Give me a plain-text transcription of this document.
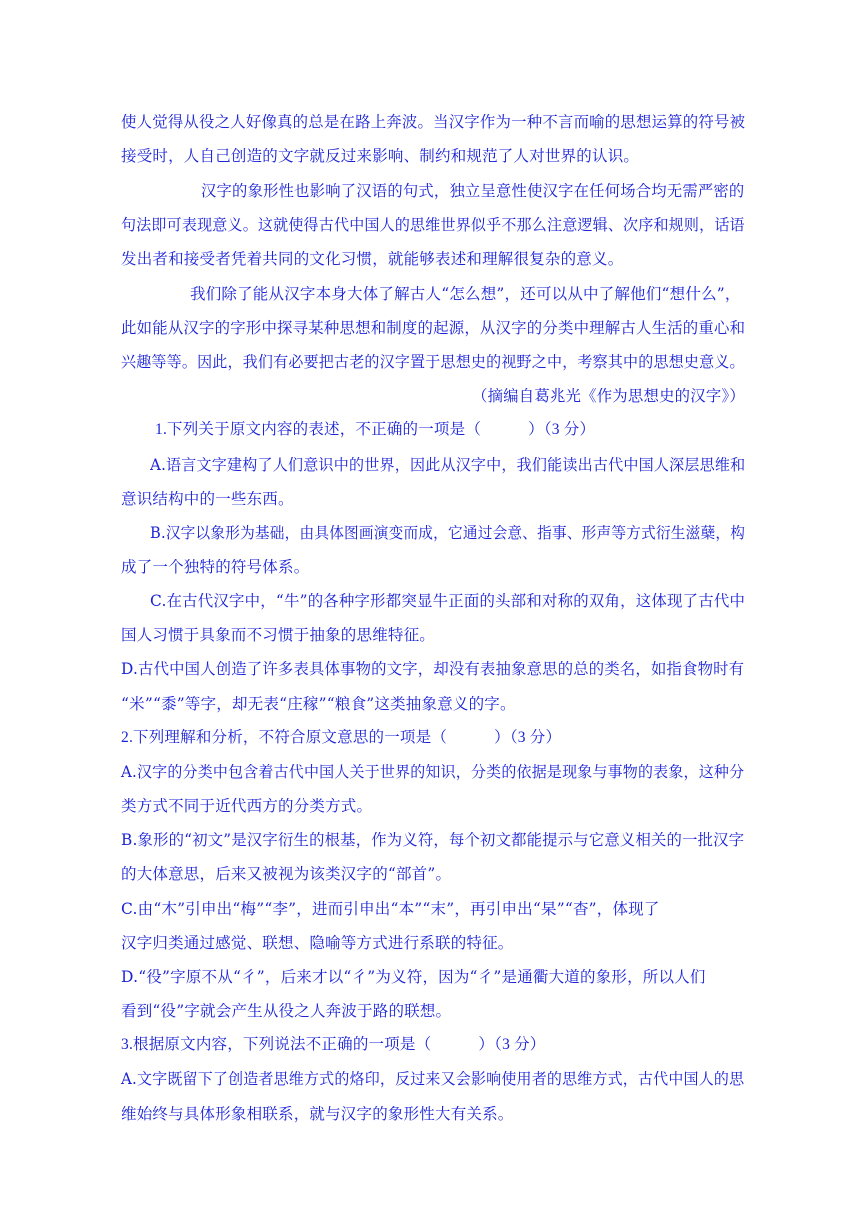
使人觉得从役之人好像真的总是在路上奔波。当汉字作为一种不言而喻的思想运算的符号被
接受时，人自己创造的文字就反过来影响、制约和规范了人对世界的认识。
汉字的象形性也影响了汉语的句式，独立呈意性使汉字在任何场合均无需严密的
句法即可表现意义。这就使得古代中国人的思维世界似乎不那么注意逻辑、次序和规则，话语
发出者和接受者凭着共同的文化习惯，就能够表述和理解很复杂的意义。
我们除了能从汉字本身大体了解古人“怎么想”，还可以从中了解他们“想什么”，
此如能从汉字的字形中探寻某种思想和制度的起源，从汉字的分类中理解古人生活的重心和
兴趣等等。因此，我们有必要把古老的汉字置于思想史的视野之中，考察其中的思想史意义。
（摘编自葛兆光《作为思想史的汉字》）
1.下列关于原文内容的表述，不正确的一项是（　　　）（3 分）
A.语言文字建构了人们意识中的世界，因此从汉字中，我们能读出古代中国人深层思维和
意识结构中的一些东西。
B.汉字以象形为基础，由具体图画演变而成，它通过会意、指事、形声等方式衍生滋蘖，构
成了一个独特的符号体系。
C.在古代汉字中，“牛”的各种字形都突显牛正面的头部和对称的双角，这体现了古代中
国人习惯于具象而不习惯于抽象的思维特征。
D.古代中国人创造了许多表具体事物的文字，却没有表抽象意思的总的类名，如指食物时有
“米”“黍”等字，却无表“庄稼”“粮食”这类抽象意义的字。
2.下列理解和分析，不符合原文意思的一项是（　　　）（3 分）
A.汉字的分类中包含着古代中国人关于世界的知识，分类的依据是现象与事物的表象，这种分
类方式不同于近代西方的分类方式。
B.象形的“初文”是汉字衍生的根基，作为义符，每个初文都能提示与它意义相关的一批汉字
的大体意思，后来又被视为该类汉字的“部首”。
C.由“木”引申出“梅”“李”，进而引申出“本”“末”，再引申出“杲”“杳”，体现了
汉字归类通过感觉、联想、隐喻等方式进行系联的特征。
D.“役”字原不从“彳”，后来才以“彳”为义符，因为“彳”是通衢大道的象形，所以人们
看到“役”字就会产生从役之人奔波于路的联想。
3.根据原文内容，下列说法不正确的一项是（　　　）（3 分）
A.文字既留下了创造者思维方式的烙印，反过来又会影响使用者的思维方式，古代中国人的思
维始终与具体形象相联系，就与汉字的象形性大有关系。
